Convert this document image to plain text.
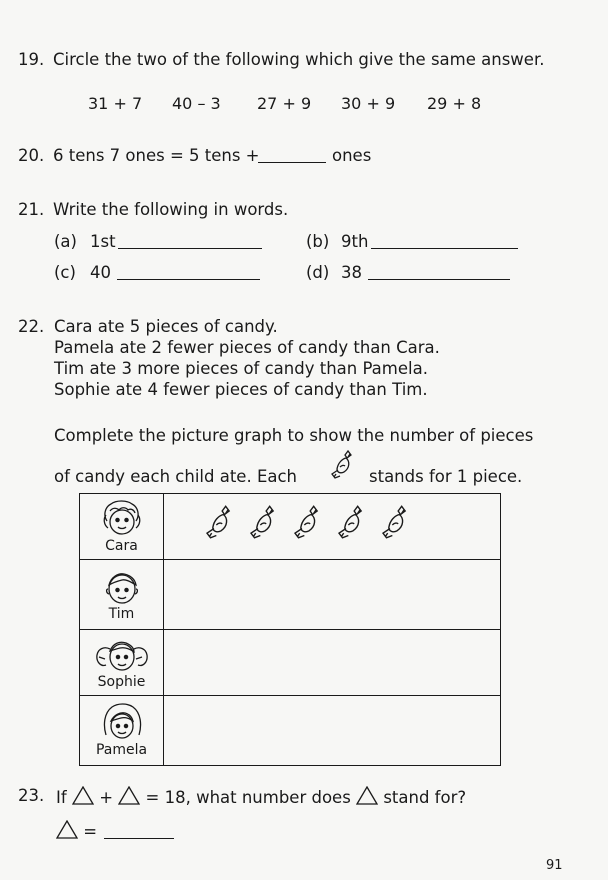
19. Circle the two of the following which give the same answer.
31 + 7 40 – 3 27 + 9 30 + 9 29 + 8
20. 6 tens 7 ones = 5 tens +	ones
21. Write the following in words.
(a) 1st	(b) 9th
(c) 40	(d) 38
22. Cara ate 5 pieces of candy.
Pamela ate 2 fewer pieces of candy than Cara.
Tim ate 3 more pieces of candy than Pamela.
Sophie ate 4 fewer pieces of candy than Tim.
Complete the picture graph to show the number of pieces
of candy each child ate. Each	stands for 1 piece.
Cara

Tim	

Sophie	

Pamela	

23. If + = 18, what number does stand for?
=
91
